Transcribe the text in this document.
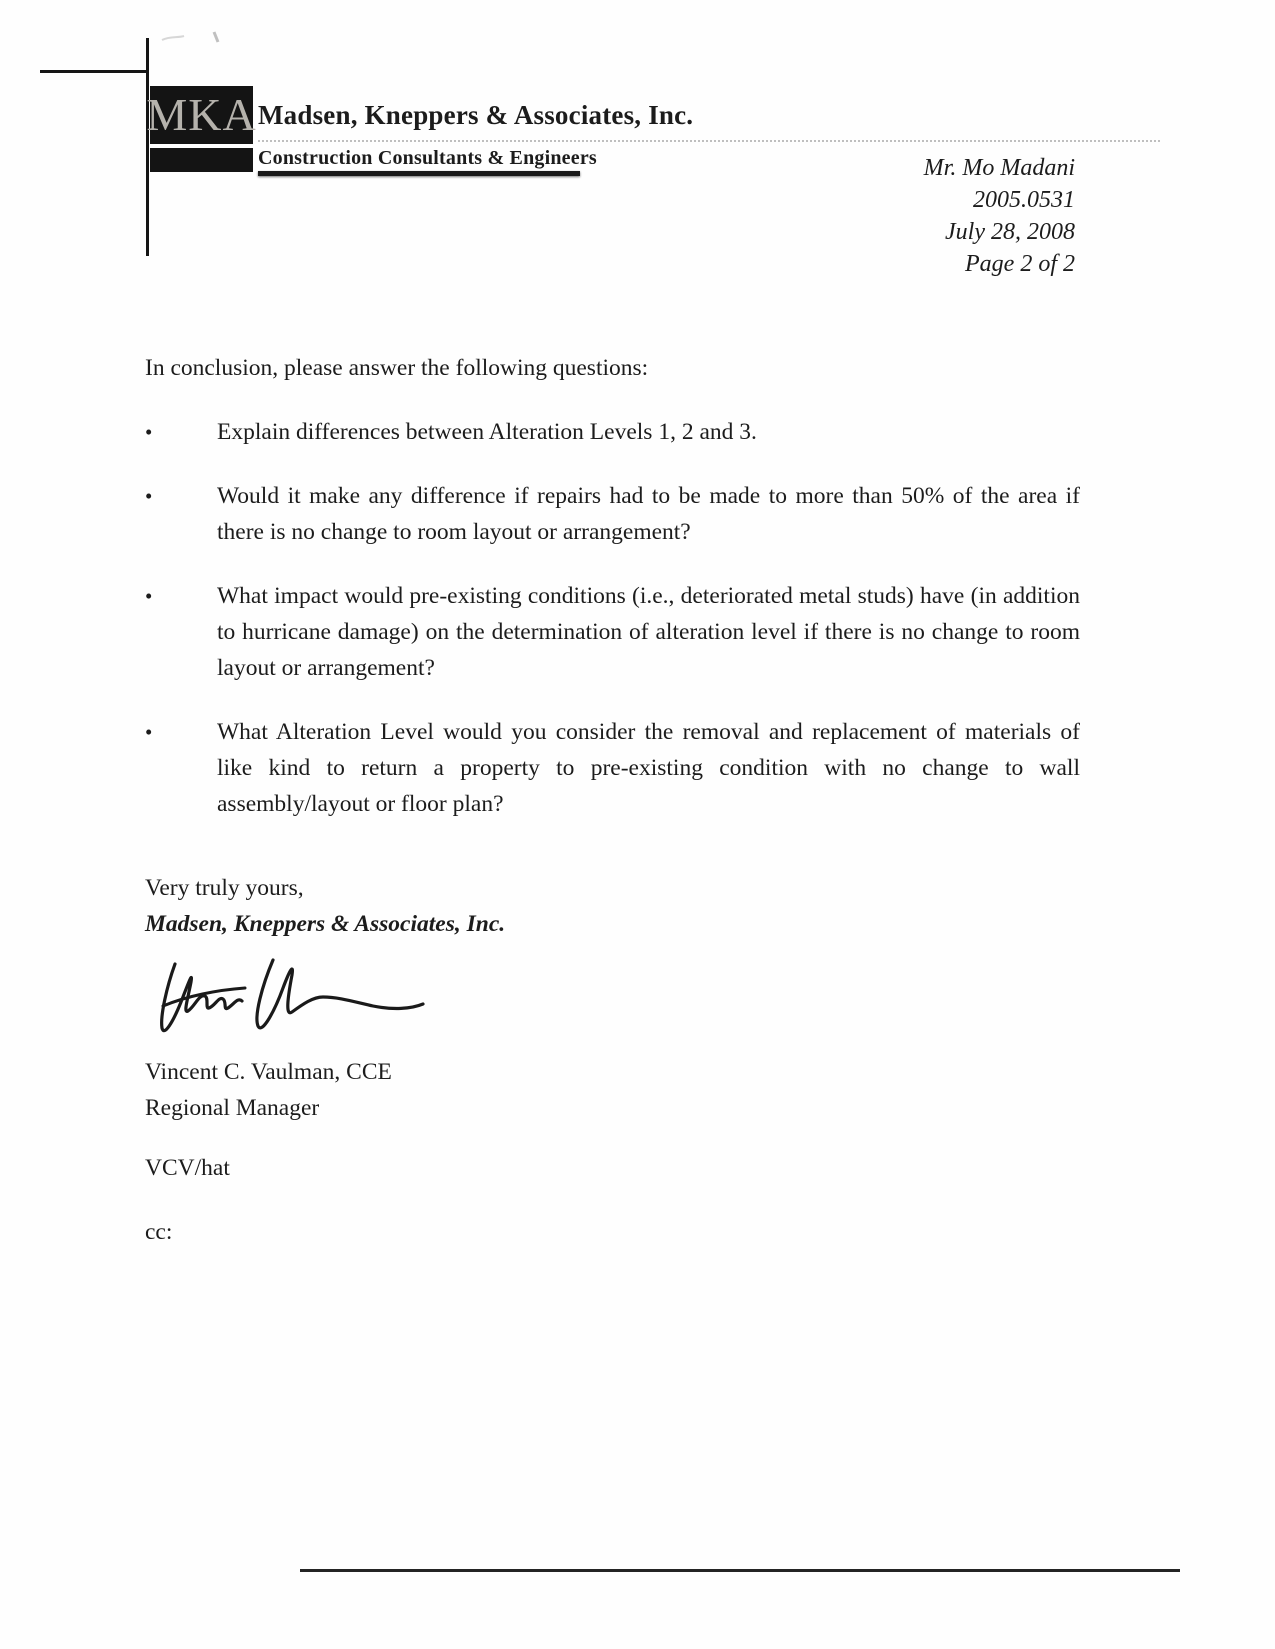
MKA Madsen, Kneppers & Associates, Inc.
Construction Consultants & Engineers	Mr. Mo Madani
2005.0531
July 28, 2008
Page 2 of 2

In conclusion, please answer the following questions:

•	Explain differences between Alteration Levels 1, 2 and 3.
•	Would it make any difference if repairs had to be made to more than 50% of the area if there is no change to room layout or arrangement?
•	What impact would pre-existing conditions (i.e., deteriorated metal studs) have (in addition to hurricane damage) on the determination of alteration level if there is no change to room layout or arrangement?
•	What Alteration Level would you consider the removal and replacement of materials of like kind to return a property to pre-existing condition with no change to wall assembly/layout or floor plan?

Very truly yours,

Madsen, Kneppers & Associates, Inc.

Vincent C. Vaulman, CCE

Regional Manager

VCV/hat

cc:
